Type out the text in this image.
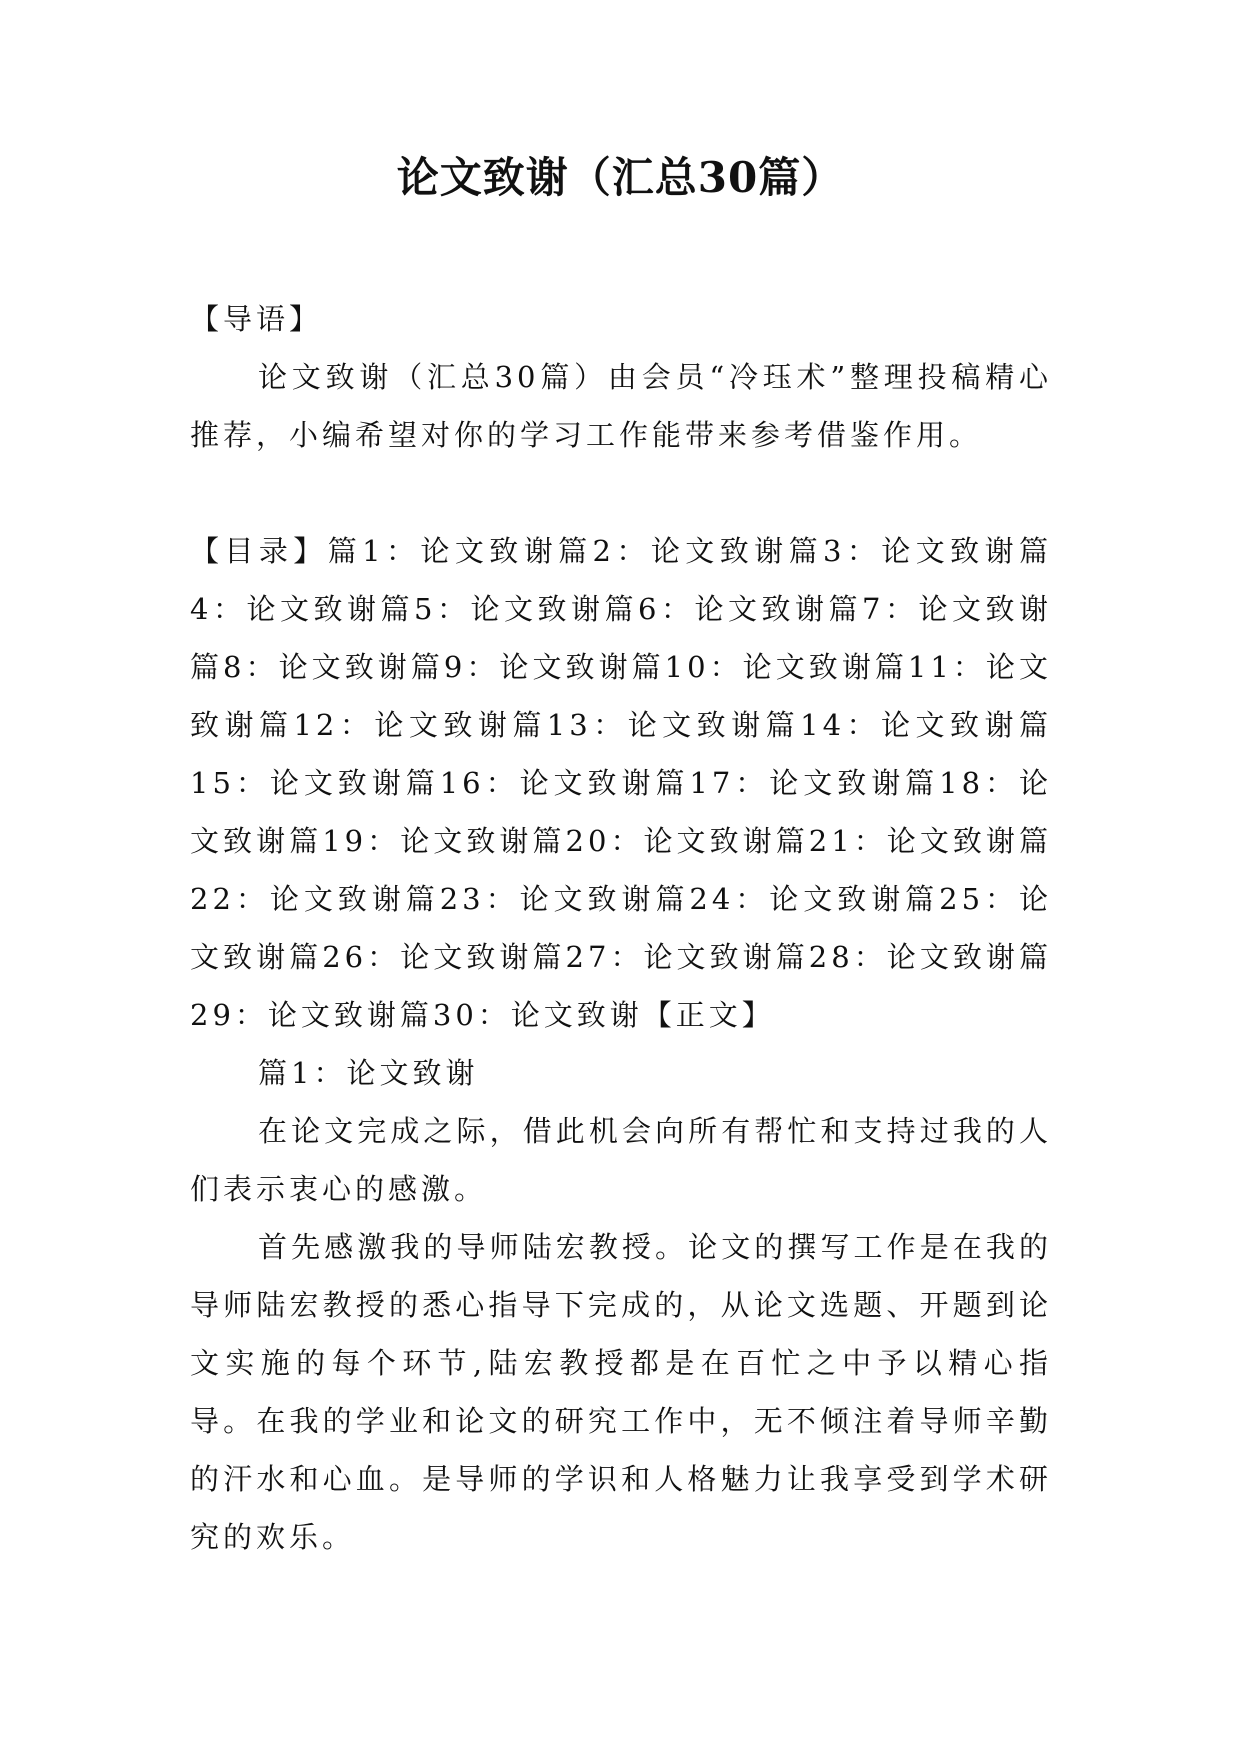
论文致谢（汇总30篇）

【导语】

论文致谢（汇总30篇）由会员“冷珏术”整理投稿精心推荐，小编希望对你的学习工作能带来参考借鉴作用。

【目录】篇1：论文致谢篇2：论文致谢篇3：论文致谢篇4：论文致谢篇5：论文致谢篇6：论文致谢篇7：论文致谢篇8：论文致谢篇9：论文致谢篇10：论文致谢篇11：论文致谢篇12：论文致谢篇13：论文致谢篇14：论文致谢篇15：论文致谢篇16：论文致谢篇17：论文致谢篇18：论文致谢篇19：论文致谢篇20：论文致谢篇21：论文致谢篇22：论文致谢篇23：论文致谢篇24：论文致谢篇25：论文致谢篇26：论文致谢篇27：论文致谢篇28：论文致谢篇29：论文致谢篇30：论文致谢【正文】

篇1：论文致谢

在论文完成之际，借此机会向所有帮忙和支持过我的人们表示衷心的感激。

首先感激我的导师陆宏教授。论文的撰写工作是在我的导师陆宏教授的悉心指导下完成的，从论文选题、开题到论文实施的每个环节,陆宏教授都是在百忙之中予以精心指导。在我的学业和论文的研究工作中，无不倾注着导师辛勤的汗水和心血。是导师的学识和人格魅力让我享受到学术研究的欢乐。
